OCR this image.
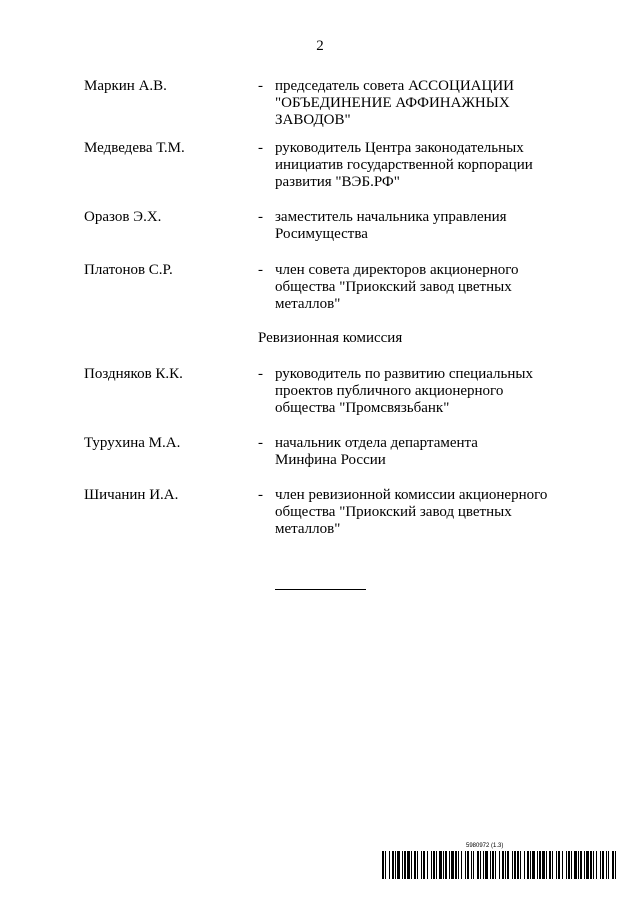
2
Маркин А.В.	- председатель совета АССОЦИАЦИИ
"ОБЪЕДИНЕНИЕ АФФИНАЖНЫХ
ЗАВОДОВ"
Медведева Т.М.	- руководитель Центра законодательных
инициатив государственной корпорации
развития "ВЭБ.РФ"
Оразов Э.Х.	- заместитель начальника управления
Росимущества
Платонов С.Р.	- член совета директоров акционерного
общества "Приокский завод цветных
металлов"
Ревизионная комиссия
Поздняков К.К.	- руководитель по развитию специальных
проектов публичного акционерного
общества "Промсвязьбанк"
Турухина М.А.	- начальник отдела департамента
Минфина России
Шичанин И.А.	- член ревизионной комиссии акционерного
общества "Приокский завод цветных
металлов"
5980972 (1.3)
